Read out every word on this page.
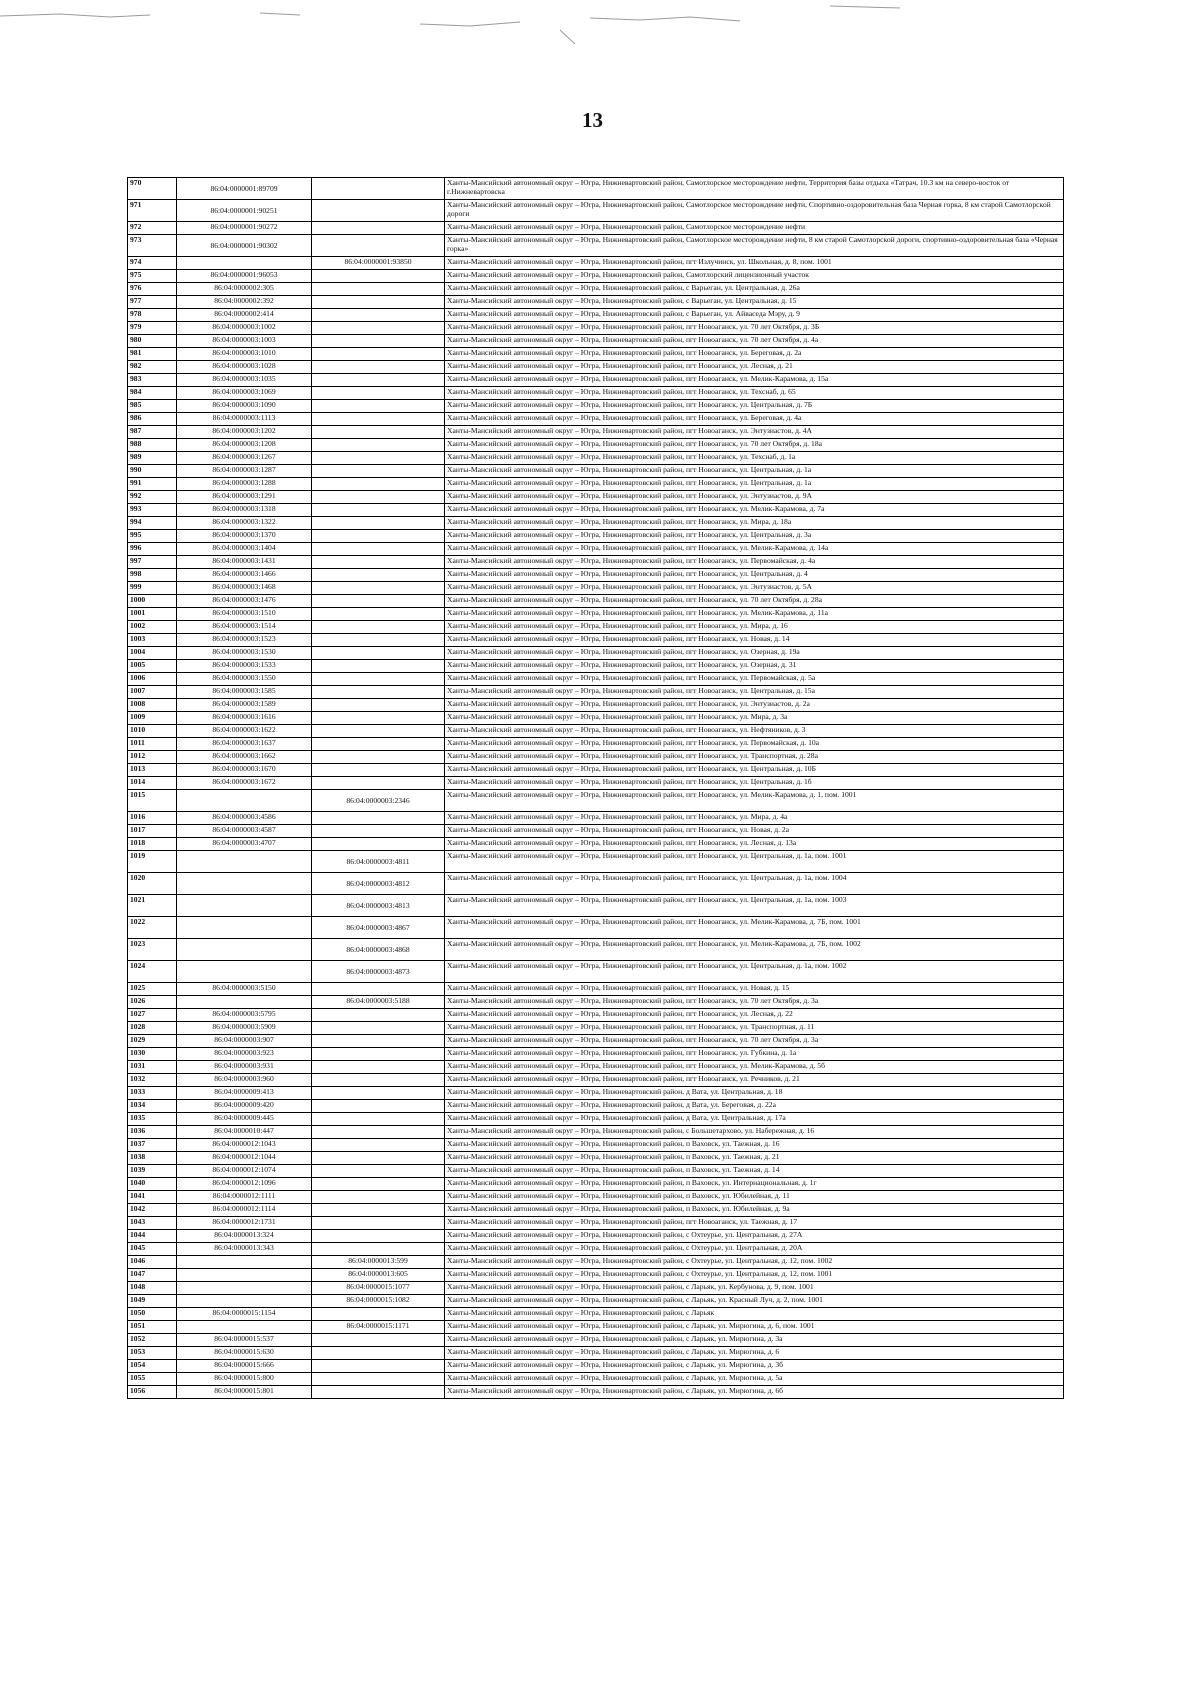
13
970	86:04:0000001:89709		Ханты-Мансийский автономный округ – Югра, Нижневартовский район, Самотлорское месторождение нефти, Территория базы отдыха «Татрач, 10.3 км на северо-восток от г.Нижневартовска
971	86:04:0000001:90251		Ханты-Мансийский автономный округ – Югра, Нижневартовский район, Самотлорское месторождение нефти, Спортивно-оздоровительная база Черная горка, 8 км старой Самотлорской дороги
972	86:04:0000001:90272		Ханты-Мансийский автономный округ – Югра, Нижневартовский район, Самотлорское месторождение нефти
973	86:04:0000001:90302		Ханты-Мансийский автономный округ – Югра, Нижневартовский район, Самотлорское месторождение нефти, 8 км старой Самотлорской дороги, спортивно-оздоровительная база «Черная горка»
974		86:04:0000001:93850	Ханты-Мансийский автономный округ – Югра, Нижневартовский район, пгт Излучинск, ул. Школьная, д. 8, пом. 1001
975	86:04:0000001:96053		Ханты-Мансийский автономный округ – Югра, Нижневартовский район, Самотлорский лицензионный участок
976	86:04:0000002:305		Ханты-Мансийский автономный округ – Югра, Нижневартовский район, с Варьеган, ул. Центральная, д. 26а
977	86:04:0000002:392		Ханты-Мансийский автономный округ – Югра, Нижневартовский район, с Варьеган, ул. Центральная, д. 15
978	86:04:0000002:414		Ханты-Мансийский автономный округ – Югра, Нижневартовский район, с Варьеган, ул. Айваседа Мэру, д. 9
979	86:04:0000003:1002		Ханты-Мансийский автономный округ – Югра, Нижневартовский район, пгт Новоаганск, ул. 70 лет Октября, д. 3Б
980	86:04:0000003:1003		Ханты-Мансийский автономный округ – Югра, Нижневартовский район, пгт Новоаганск, ул. 70 лет Октября, д. 4а
981	86:04:0000003:1010		Ханты-Мансийский автономный округ – Югра, Нижневартовский район, пгт Новоаганск, ул. Береговая, д. 2а
982	86:04:0000003:1028		Ханты-Мансийский автономный округ – Югра, Нижневартовский район, пгт Новоаганск, ул. Лесная, д. 21
983	86:04:0000003:1035		Ханты-Мансийский автономный округ – Югра, Нижневартовский район, пгт Новоаганск, ул. Мелик-Карамова, д. 15а
984	86:04:0000003:1069		Ханты-Мансийский автономный округ – Югра, Нижневартовский район, пгт Новоаганск, ул. Техснаб, д. 65
985	86:04:0000003:1090		Ханты-Мансийский автономный округ – Югра, Нижневартовский район, пгт Новоаганск, ул. Центральная, д. 7Б
986	86:04:0000003:1113		Ханты-Мансийский автономный округ – Югра, Нижневартовский район, пгт Новоаганск, ул. Береговая, д. 4а
987	86:04:0000003:1202		Ханты-Мансийский автономный округ – Югра, Нижневартовский район, пгт Новоаганск, ул. Энтузиастов, д. 4А
988	86:04:0000003:1208		Ханты-Мансийский автономный округ – Югра, Нижневартовский район, пгт Новоаганск, ул. 70 лет Октября, д. 18а
989	86:04:0000003:1267		Ханты-Мансийский автономный округ – Югра, Нижневартовский район, пгт Новоаганск, ул. Техснаб, д. 1а
990	86:04:0000003:1287		Ханты-Мансийский автономный округ – Югра, Нижневартовский район, пгт Новоаганск, ул. Центральная, д. 1а
991	86:04:0000003:1288		Ханты-Мансийский автономный округ – Югра, Нижневартовский район, пгт Новоаганск, ул. Центральная, д. 1а
992	86:04:0000003:1291		Ханты-Мансийский автономный округ – Югра, Нижневартовский район, пгт Новоаганск, ул. Энтузиастов, д. 9А
993	86:04:0000003:1318		Ханты-Мансийский автономный округ – Югра, Нижневартовский район, пгт Новоаганск, ул. Мелик-Карамова, д. 7а
994	86:04:0000003:1322		Ханты-Мансийский автономный округ – Югра, Нижневартовский район, пгт Новоаганск, ул. Мира, д. 18а
995	86:04:0000003:1370		Ханты-Мансийский автономный округ – Югра, Нижневартовский район, пгт Новоаганск, ул. Центральная, д. 3а
996	86:04:0000003:1404		Ханты-Мансийский автономный округ – Югра, Нижневартовский район, пгт Новоаганск, ул. Мелик-Карамова, д. 14а
997	86:04:0000003:1431		Ханты-Мансийский автономный округ – Югра, Нижневартовский район, пгт Новоаганск, ул. Первомайская, д. 4а
998	86:04:0000003:1466		Ханты-Мансийский автономный округ – Югра, Нижневартовский район, пгт Новоаганск, ул. Центральная, д. 4
999	86:04:0000003:1468		Ханты-Мансийский автономный округ – Югра, Нижневартовский район, пгт Новоаганск, ул. Энтузиастов, д. 5А
1000	86:04:0000003:1476		Ханты-Мансийский автономный округ – Югра, Нижневартовский район, пгт Новоаганск, ул. 70 лет Октября, д. 28а
1001	86:04:0000003:1510		Ханты-Мансийский автономный округ – Югра, Нижневартовский район, пгт Новоаганск, ул. Мелик-Карамова, д. 11а
1002	86:04:0000003:1514		Ханты-Мансийский автономный округ – Югра, Нижневартовский район, пгт Новоаганск, ул. Мира, д. 16
1003	86:04:0000003:1523		Ханты-Мансийский автономный округ – Югра, Нижневартовский район, пгт Новоаганск, ул. Новая, д. 14
1004	86:04:0000003:1530		Ханты-Мансийский автономный округ – Югра, Нижневартовский район, пгт Новоаганск, ул. Озерная, д. 19а
1005	86:04:0000003:1533		Ханты-Мансийский автономный округ – Югра, Нижневартовский район, пгт Новоаганск, ул. Озерная, д. 31
1006	86:04:0000003:1550		Ханты-Мансийский автономный округ – Югра, Нижневартовский район, пгт Новоаганск, ул. Первомайская, д. 5а
1007	86:04:0000003:1585		Ханты-Мансийский автономный округ – Югра, Нижневартовский район, пгт Новоаганск, ул. Центральная, д. 15а
1008	86:04:0000003:1589		Ханты-Мансийский автономный округ – Югра, Нижневартовский район, пгт Новоаганск, ул. Энтузиастов, д. 2а
1009	86:04:0000003:1616		Ханты-Мансийский автономный округ – Югра, Нижневартовский район, пгт Новоаганск, ул. Мира, д. 3а
1010	86:04:0000003:1622		Ханты-Мансийский автономный округ – Югра, Нижневартовский район, пгт Новоаганск, ул. Нефтяников, д. 3
1011	86:04:0000003:1637		Ханты-Мансийский автономный округ – Югра, Нижневартовский район, пгт Новоаганск, ул. Первомайская, д. 10а
1012	86:04:0000003:1662		Ханты-Мансийский автономный округ – Югра, Нижневартовский район, пгт Новоаганск, ул. Транспортная, д. 28а
1013	86:04:0000003:1670		Ханты-Мансийский автономный округ – Югра, Нижневартовский район, пгт Новоаганск, ул. Центральная, д. 10Б
1014	86:04:0000003:1672		Ханты-Мансийский автономный округ – Югра, Нижневартовский район, пгт Новоаганск, ул. Центральная, д. 1б
1015		86:04:0000003:2346	Ханты-Мансийский автономный округ – Югра, Нижневартовский район, пгт Новоаганск, ул. Мелик-Карамова, д. 1, пом. 1001
1016	86:04:0000003:4586		Ханты-Мансийский автономный округ – Югра, Нижневартовский район, пгт Новоаганск, ул. Мира, д. 4а
1017	86:04:0000003:4587		Ханты-Мансийский автономный округ – Югра, Нижневартовский район, пгт Новоаганск, ул. Новая, д. 2а
1018	86:04:0000003:4707		Ханты-Мансийский автономный округ – Югра, Нижневартовский район, пгт Новоаганск, ул. Лесная, д. 13а
1019		86:04:0000003:4811	Ханты-Мансийский автономный округ – Югра, Нижневартовский район, пгт Новоаганск, ул. Центральная, д. 1а, пом. 1001
1020		86:04:0000003:4812	Ханты-Мансийский автономный округ – Югра, Нижневартовский район, пгт Новоаганск, ул. Центральная, д. 1а, пом. 1004
1021		86:04:0000003:4813	Ханты-Мансийский автономный округ – Югра, Нижневартовский район, пгт Новоаганск, ул. Центральная, д. 1а, пом. 1003
1022		86:04:0000003:4867	Ханты-Мансийский автономный округ – Югра, Нижневартовский район, пгт Новоаганск, ул. Мелик-Карамова, д. 7Б, пом. 1001
1023		86:04:0000003:4868	Ханты-Мансийский автономный округ – Югра, Нижневартовский район, пгт Новоаганск, ул. Мелик-Карамова, д. 7Б, пом. 1002
1024		86:04:0000003:4873	Ханты-Мансийский автономный округ – Югра, Нижневартовский район, пгт Новоаганск, ул. Центральная, д. 1а, пом. 1002
1025	86:04:0000003:5150		Ханты-Мансийский автономный округ – Югра, Нижневартовский район, пгт Новоаганск, ул. Новая, д. 15
1026		86:04:0000003:5188	Ханты-Мансийский автономный округ – Югра, Нижневартовский район, пгт Новоаганск, ул. 70 лет Октября, д. 3а
1027	86:04:0000003:5795		Ханты-Мансийский автономный округ – Югра, Нижневартовский район, пгт Новоаганск, ул. Лесная, д. 22
1028	86:04:0000003:5909		Ханты-Мансийский автономный округ – Югра, Нижневартовский район, пгт Новоаганск, ул. Транспортная, д. 11
1029	86:04:0000003:907		Ханты-Мансийский автономный округ – Югра, Нижневартовский район, пгт Новоаганск, ул. 70 лет Октября, д. 3а
1030	86:04:0000003:923		Ханты-Мансийский автономный округ – Югра, Нижневартовский район, пгт Новоаганск, ул. Губкина, д. 1а
1031	86:04:0000003:931		Ханты-Мансийский автономный округ – Югра, Нижневартовский район, пгт Новоаганск, ул. Мелик-Карамова, д. 5б
1032	86:04:0000003:960		Ханты-Мансийский автономный округ – Югра, Нижневартовский район, пгт Новоаганск, ул. Речников, д. 21
1033	86:04:0000009:413		Ханты-Мансийский автономный округ – Югра, Нижневартовский район, д Вата, ул. Центральная, д. 18
1034	86:04:0000009:420		Ханты-Мансийский автономный округ – Югра, Нижневартовский район, д Вата, ул. Береговая, д. 22а
1035	86:04:0000009:445		Ханты-Мансийский автономный округ – Югра, Нижневартовский район, д Вата, ул. Центральная, д. 17а
1036	86:04:0000010:447		Ханты-Мансийский автономный округ – Югра, Нижневартовский район, с Большетархово, ул. Набережная, д. 16
1037	86:04:0000012:1043		Ханты-Мансийский автономный округ – Югра, Нижневартовский район, п Ваховск, ул. Таежная, д. 16
1038	86:04:0000012:1044		Ханты-Мансийский автономный округ – Югра, Нижневартовский район, п Ваховск, ул. Таежная, д. 21
1039	86:04:0000012:1074		Ханты-Мансийский автономный округ – Югра, Нижневартовский район, п Ваховск, ул. Таежная, д. 14
1040	86:04:0000012:1096		Ханты-Мансийский автономный округ – Югра, Нижневартовский район, п Ваховск, ул. Интернациональная, д. 1г
1041	86:04:0000012:1111		Ханты-Мансийский автономный округ – Югра, Нижневартовский район, п Ваховск, ул. Юбилейная, д. 11
1042	86:04:0000012:1114		Ханты-Мансийский автономный округ – Югра, Нижневартовский район, п Ваховск, ул. Юбилейная, д. 9а
1043	86:04:0000012:1731		Ханты-Мансийский автономный округ – Югра, Нижневартовский район, пгт Новоаганск, ул. Таежная, д. 17
1044	86:04:0000013:324		Ханты-Мансийский автономный округ – Югра, Нижневартовский район, с Охтеурье, ул. Центральная, д. 27А
1045	86:04:0000013:343		Ханты-Мансийский автономный округ – Югра, Нижневартовский район, с Охтеурье, ул. Центральная, д. 20А
1046		86:04:0000013:599	Ханты-Мансийский автономный округ – Югра, Нижневартовский район, с Охтеурье, ул. Центральная, д. 12, пом. 1002
1047		86:04:0000013:605	Ханты-Мансийский автономный округ – Югра, Нижневартовский район, с Охтеурье, ул. Центральная, д. 12, пом. 1001
1048		86:04:0000015:1077	Ханты-Мансийский автономный округ – Югра, Нижневартовский район, с Ларьяк, ул. Кербунова, д. 9, пом. 1001
1049		86:04:0000015:1082	Ханты-Мансийский автономный округ – Югра, Нижневартовский район, с Ларьяк, ул. Красный Луч, д. 2, пом. 1001
1050	86:04:0000015:1154		Ханты-Мансийский автономный округ – Югра, Нижневартовский район, с Ларьяк
1051		86:04:0000015:1171	Ханты-Мансийский автономный округ – Югра, Нижневартовский район, с Ларьяк, ул. Мирюгина, д. 6, пом. 1001
1052	86:04:0000015:537		Ханты-Мансийский автономный округ – Югра, Нижневартовский район, с Ларьяк, ул. Мирюгина, д. 3а
1053	86:04:0000015:630		Ханты-Мансийский автономный округ – Югра, Нижневартовский район, с Ларьяк, ул. Мирюгина, д. 6
1054	86:04:0000015:666		Ханты-Мансийский автономный округ – Югра, Нижневартовский район, с Ларьяк, ул. Мирюгина, д. 3б
1055	86:04:0000015:800		Ханты-Мансийский автономный округ – Югра, Нижневартовский район, с Ларьяк, ул. Мирюгина, д. 5а
1056	86:04:0000015:801		Ханты-Мансийский автономный округ – Югра, Нижневартовский район, с Ларьяк, ул. Мирюгина, д. 6б
